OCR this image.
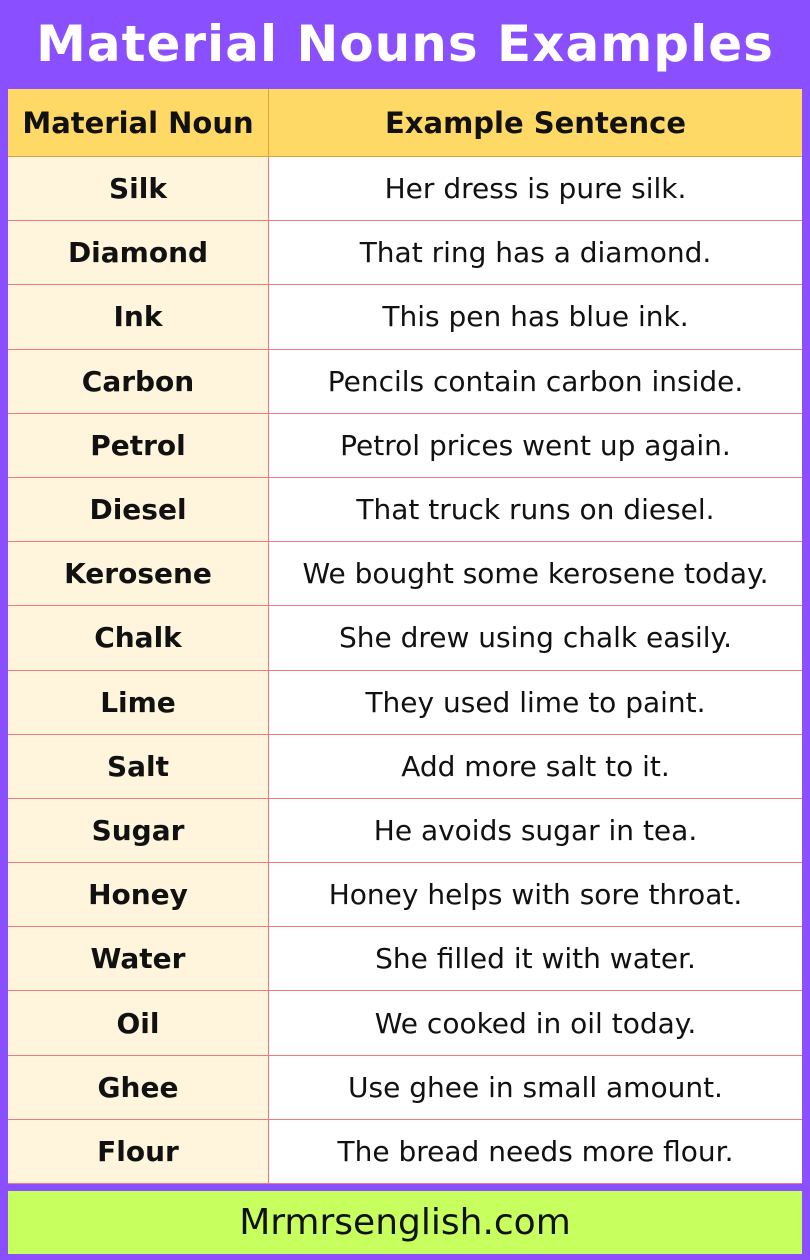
Material Nouns Examples
Material Noun	Example Sentence
Silk	Her dress is pure silk.
Diamond	That ring has a diamond.
Ink	This pen has blue ink.
Carbon	Pencils contain carbon inside.
Petrol	Petrol prices went up again.
Diesel	That truck runs on diesel.
Kerosene	We bought some kerosene today.
Chalk	She drew using chalk easily.
Lime	They used lime to paint.
Salt	Add more salt to it.
Sugar	He avoids sugar in tea.
Honey	Honey helps with sore throat.
Water	She filled it with water.
Oil	We cooked in oil today.
Ghee	Use ghee in small amount.
Flour	The bread needs more flour.
Mrmrsenglish.com
